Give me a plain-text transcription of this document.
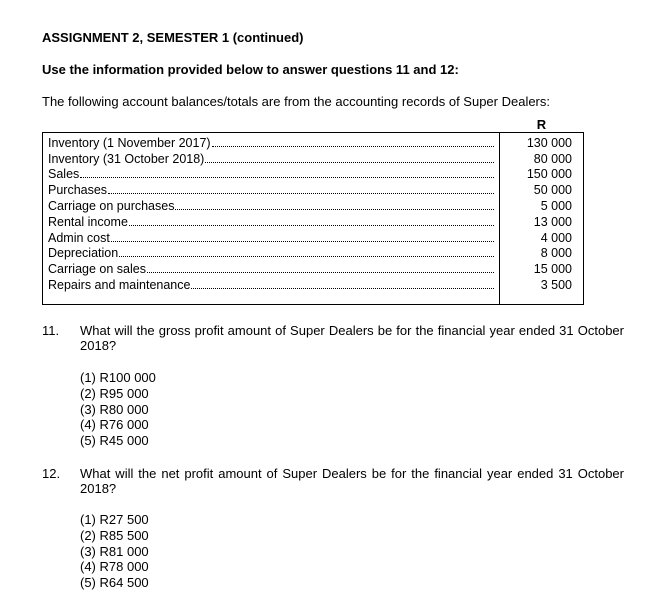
ASSIGNMENT 2, SEMESTER 1 (continued)
Use the information provided below to answer questions 11 and 12:
The following account balances/totals are from the accounting records of Super Dealers:
R
Inventory (1 November 2017)	130 000
Inventory (31 October 2018)	80 000
Sales	150 000
Purchases	50 000
Carriage on purchases	5 000
Rental income	13 000
Admin cost	4 000
Depreciation	8 000
Carriage on sales	15 000
Repairs and maintenance	3 500
11. What will the gross profit amount of Super Dealers be for the financial year ended 31 October 2018?
(1) R100 000
(2) R95 000
(3) R80 000
(4) R76 000
(5) R45 000
12. What will the net profit amount of Super Dealers be for the financial year ended 31 October 2018?
(1) R27 500
(2) R85 500
(3) R81 000
(4) R78 000
(5) R64 500
